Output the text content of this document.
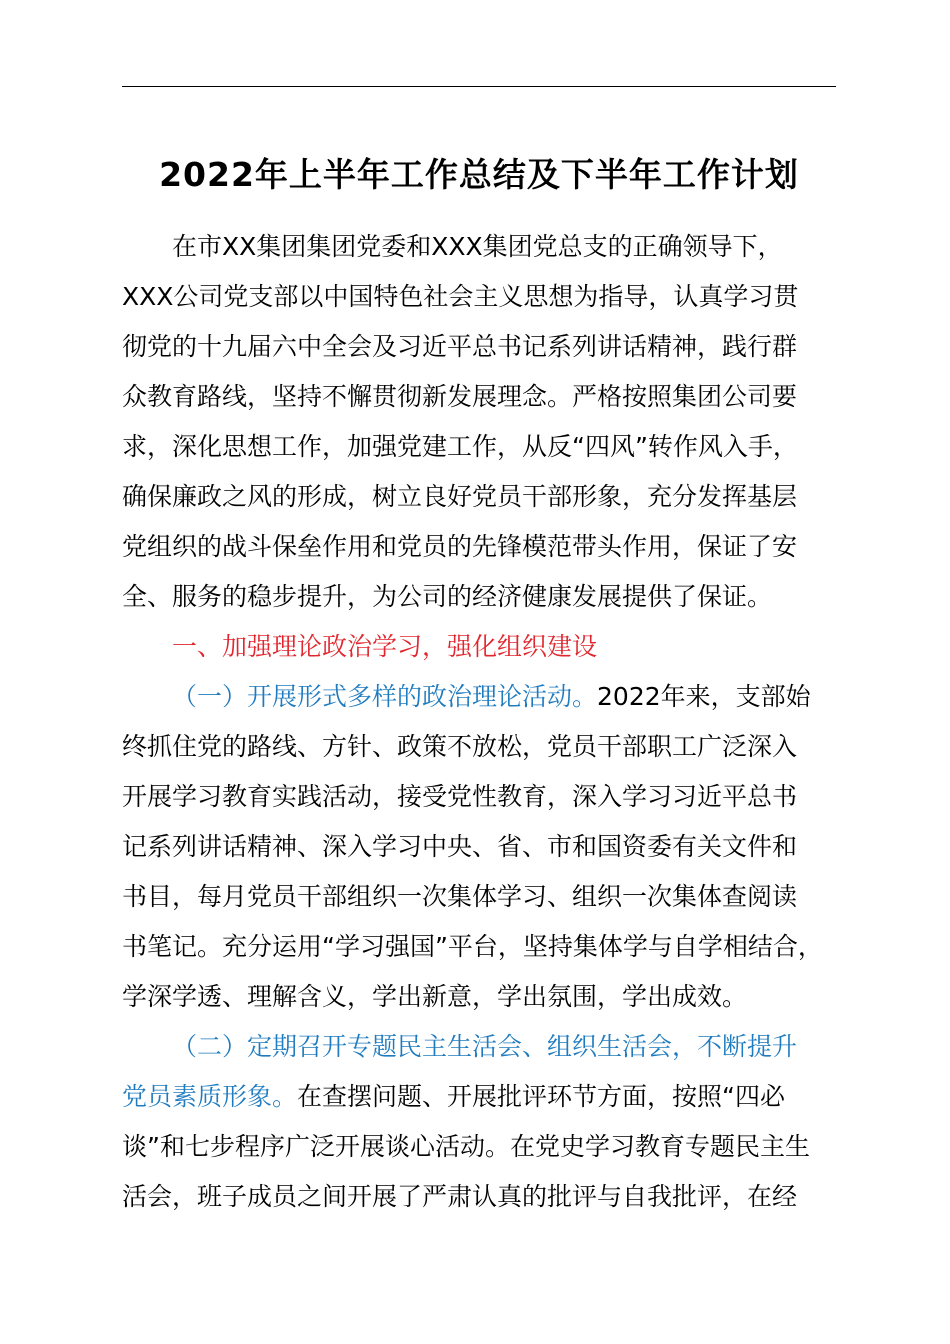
2022年上半年工作总结及下半年工作计划
在市XX集团集团党委和XXX集团党总支的正确领导下，
XXX公司党支部以中国特色社会主义思想为指导，认真学习贯
彻党的十九届六中全会及习近平总书记系列讲话精神，践行群
众教育路线，坚持不懈贯彻新发展理念。严格按照集团公司要
求，深化思想工作，加强党建工作，从反“四风”转作风入手，
确保廉政之风的形成，树立良好党员干部形象，充分发挥基层
党组织的战斗保垒作用和党员的先锋模范带头作用，保证了安
全、服务的稳步提升，为公司的经济健康发展提供了保证。
一、加强理论政治学习，强化组织建设
（一）开展形式多样的政治理论活动。2022年来，支部始
终抓住党的路线、方针、政策不放松，党员干部职工广泛深入
开展学习教育实践活动，接受党性教育，深入学习习近平总书
记系列讲话精神、深入学习中央、省、市和国资委有关文件和
书目，每月党员干部组织一次集体学习、组织一次集体查阅读
书笔记。充分运用“学习强国”平台，坚持集体学与自学相结合，
学深学透、理解含义，学出新意，学出氛围，学出成效。
（二）定期召开专题民主生活会、组织生活会，不断提升
党员素质形象。在查摆问题、开展批评环节方面，按照“四必
谈”和七步程序广泛开展谈心活动。在党史学习教育专题民主生
活会，班子成员之间开展了严肃认真的批评与自我批评，在经
